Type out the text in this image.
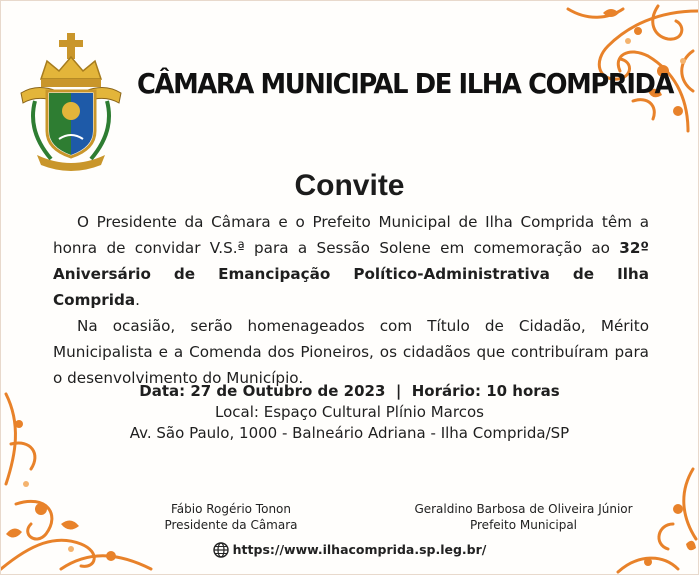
CÂMARA MUNICIPAL DE ILHA COMPRIDA
Convite

O Presidente da Câmara e o Prefeito Municipal de Ilha Comprida têm a honra de convidar V.S.ª para a Sessão Solene em comemoração ao 32º Aniversário de Emancipação Político-Administrativa de Ilha Comprida.

Na ocasião, serão homenageados com Título de Cidadão, Mérito Municipalista e a Comenda dos Pioneiros, os cidadãos que contribuíram para o desenvolvimento do Município.

Data: 27 de Outubro de 2023  |  Horário: 10 horas
Local: Espaço Cultural Plínio Marcos
Av. São Paulo, 1000 - Balneário Adriana - Ilha Comprida/SP
Fábio Rogério Tonon
Presidente da Câmara
Geraldino Barbosa de Oliveira Júnior
Prefeito Municipal
https://www.ilhacomprida.sp.leg.br/
